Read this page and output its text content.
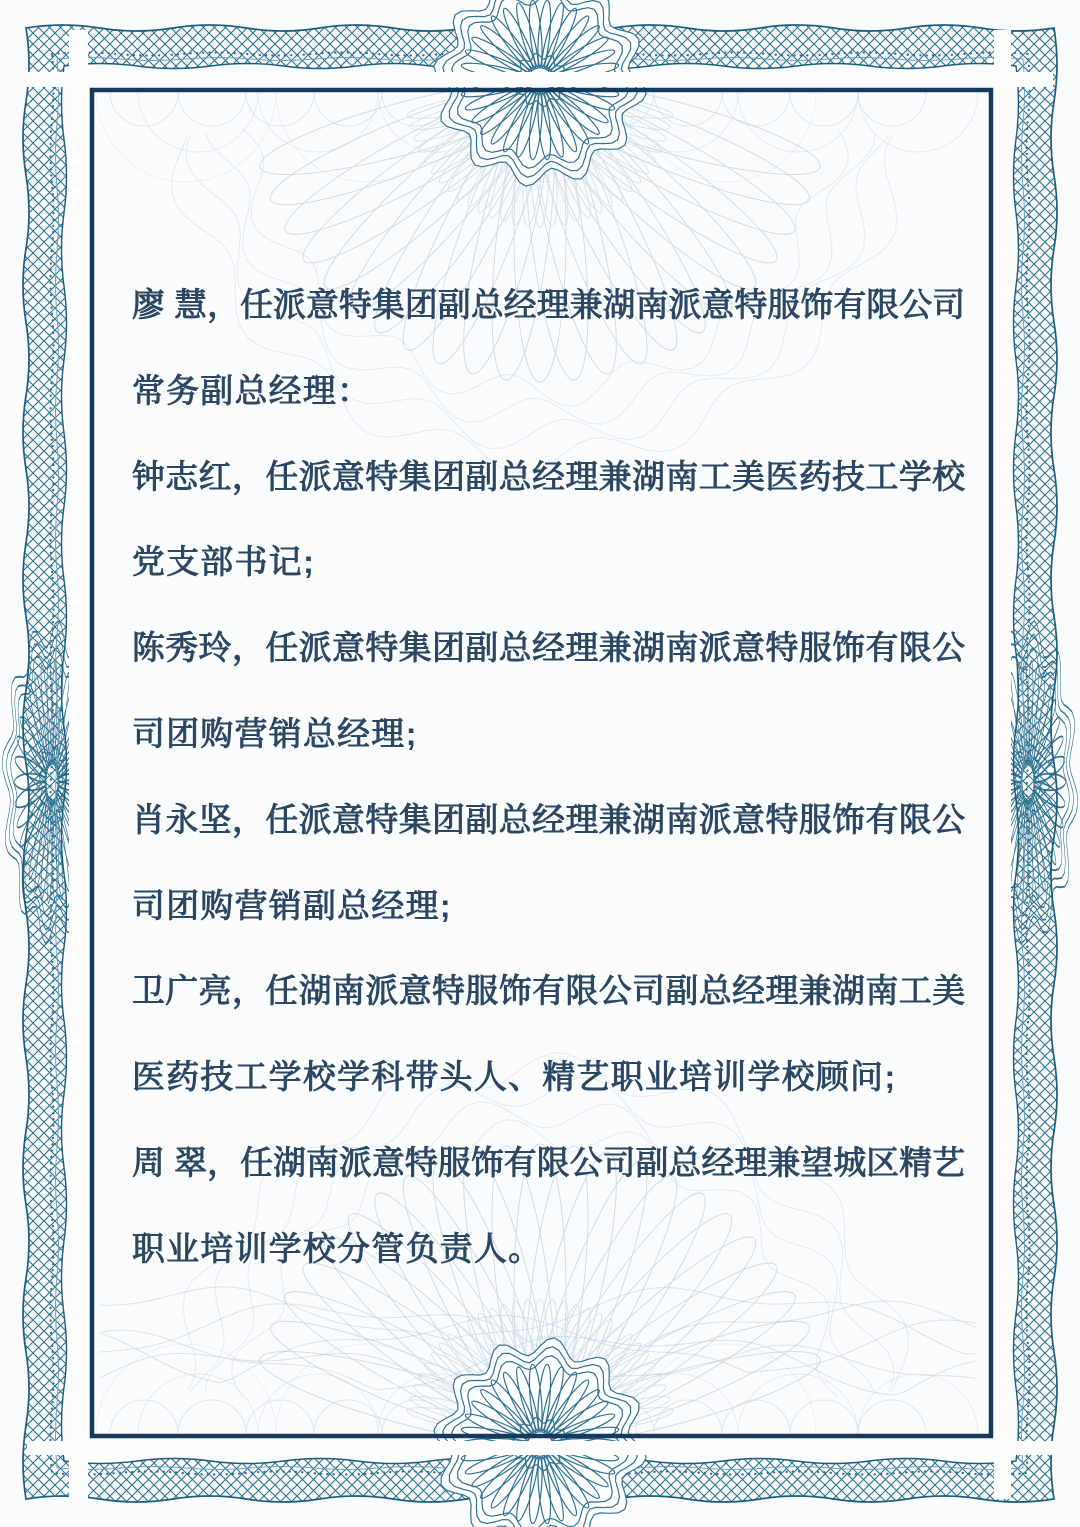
廖 慧，任派意特集团副总经理兼湖南派意特服饰有限公司
常务副总经理：
钟志红，任派意特集团副总经理兼湖南工美医药技工学校
党支部书记;
陈秀玲，任派意特集团副总经理兼湖南派意特服饰有限公
司团购营销总经理;
肖永坚，任派意特集团副总经理兼湖南派意特服饰有限公
司团购营销副总经理;
卫广亮，任湖南派意特服饰有限公司副总经理兼湖南工美
医药技工学校学科带头人、精艺职业培训学校顾问;
周 翠，任湖南派意特服饰有限公司副总经理兼望城区精艺
职业培训学校分管负责人。
